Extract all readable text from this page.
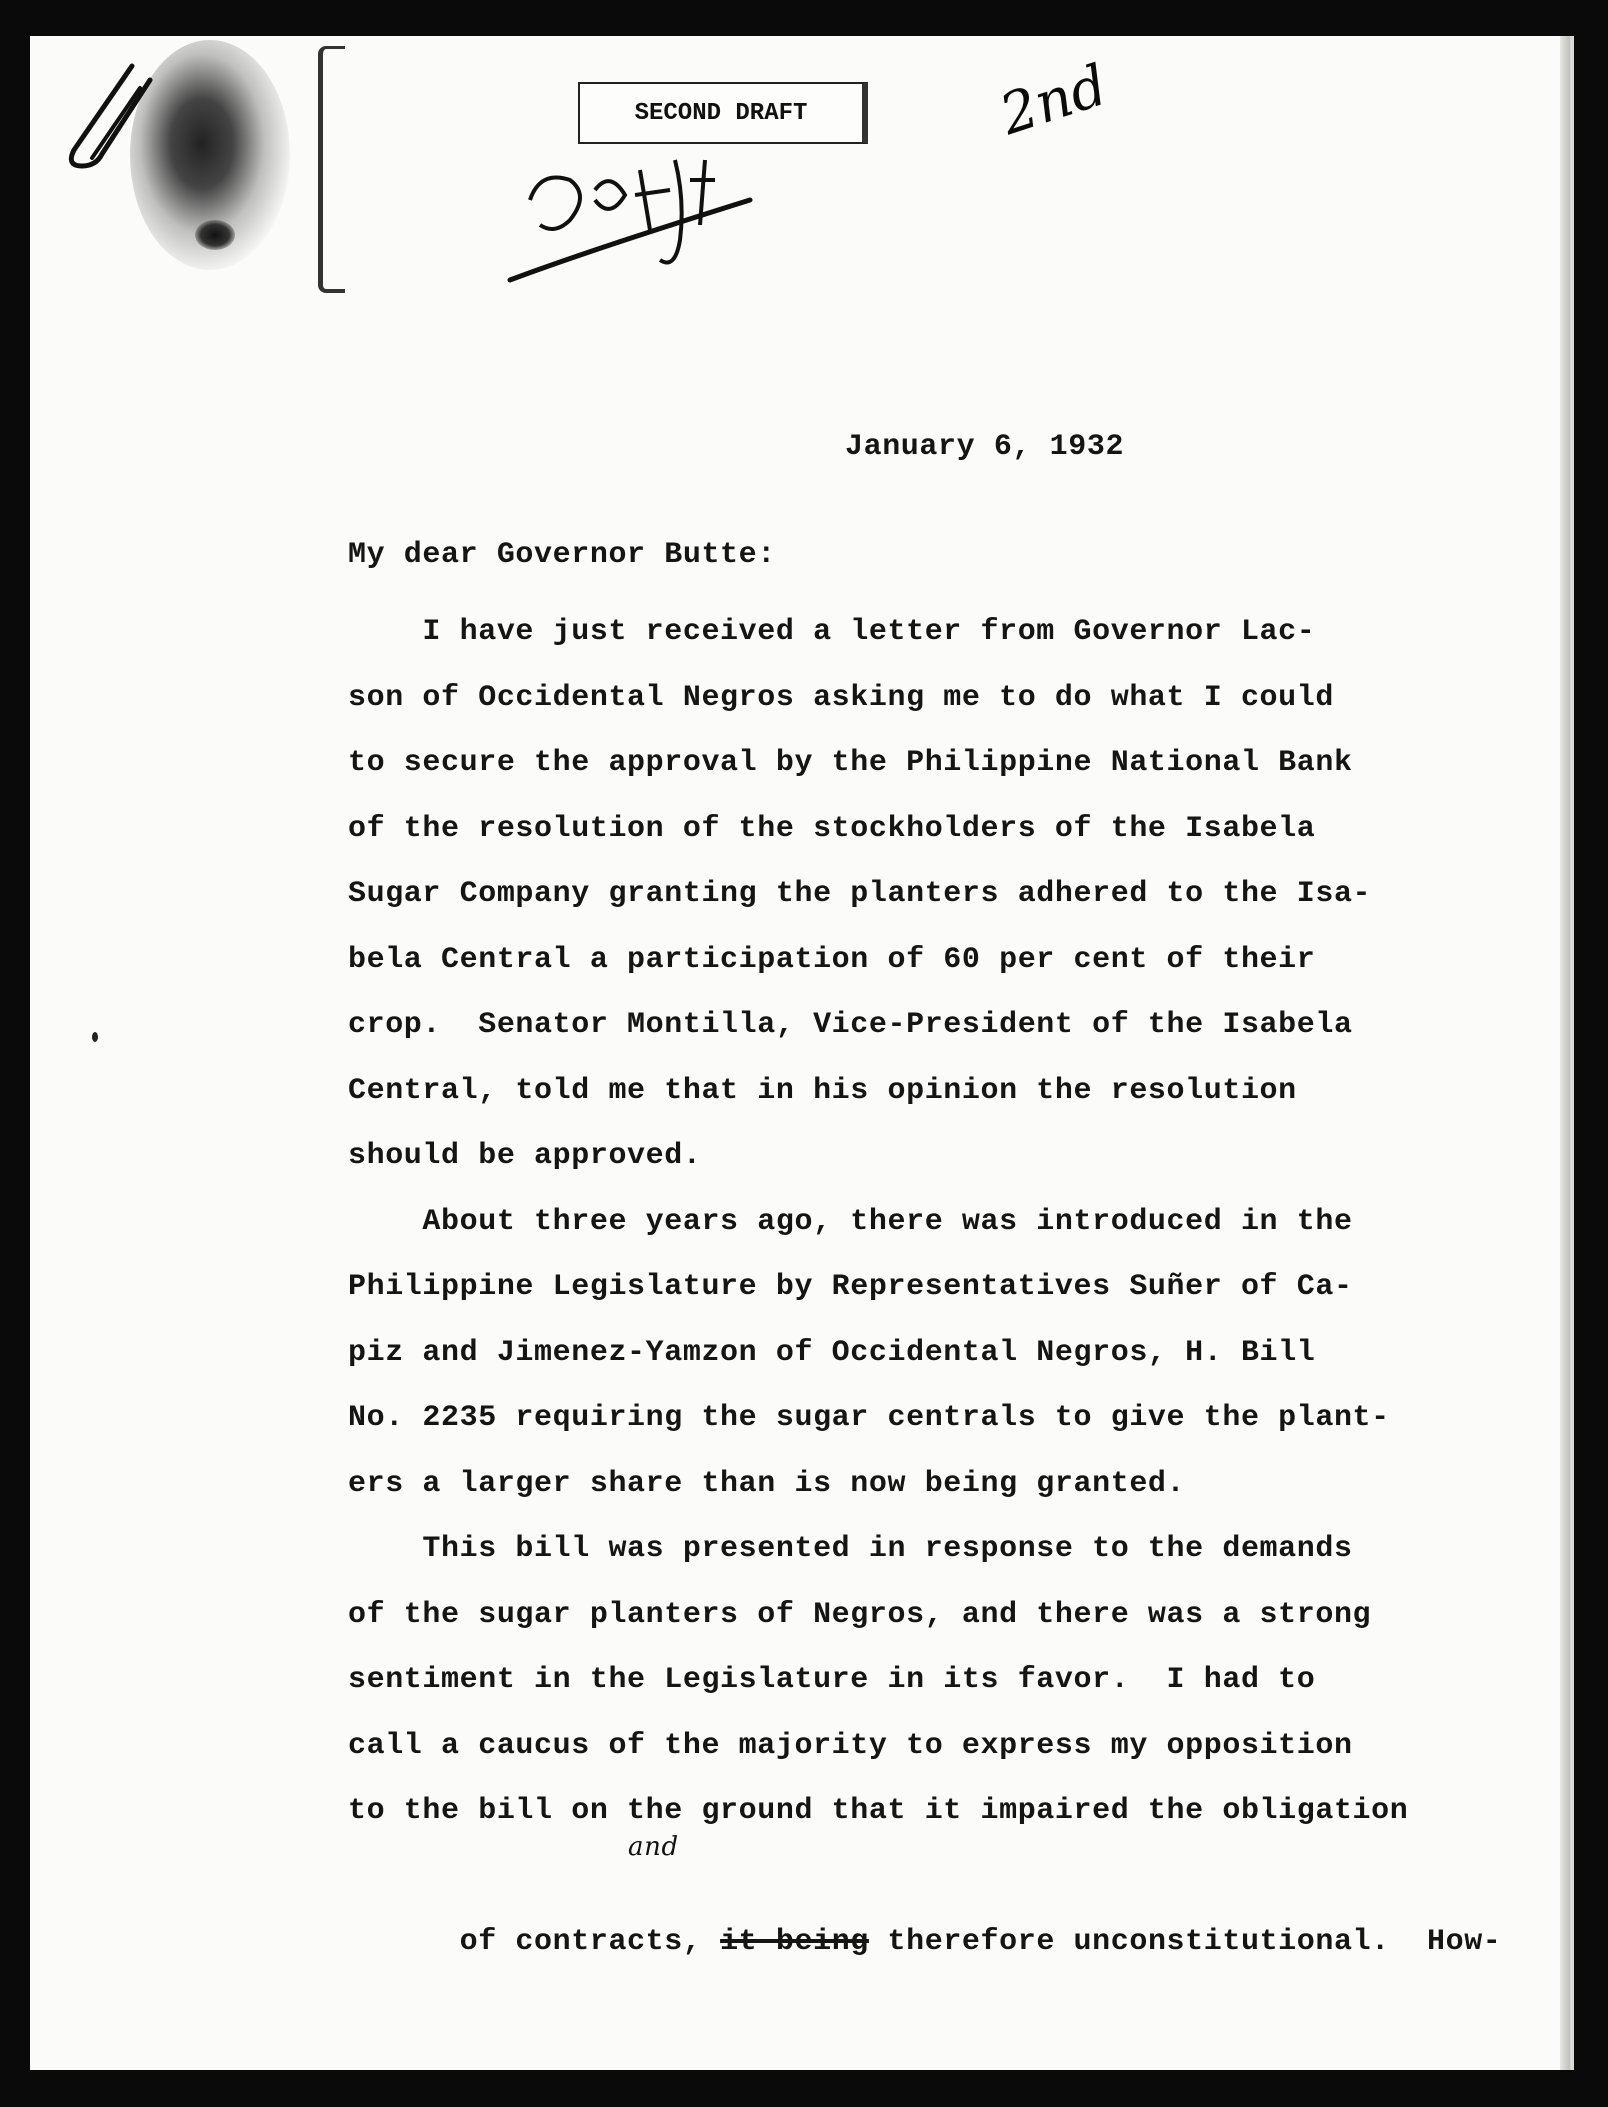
SECOND DRAFT	2nd
January 6, 1932
My dear Governor Butte:
I have just received a letter from Governor Lac-
son of Occidental Negros asking me to do what I could
to secure the approval by the Philippine National Bank
of the resolution of the stockholders of the Isabela
Sugar Company granting the planters adhered to the Isa-
bela Central a participation of 60 per cent of their
crop.  Senator Montilla, Vice-President of the Isabela
Central, told me that in his opinion the resolution
should be approved.
About three years ago, there was introduced in the
Philippine Legislature by Representatives Suñer of Ca-
piz and Jimenez-Yamzon of Occidental Negros, H. Bill
No. 2235 requiring the sugar centrals to give the plant-
ers a larger share than is now being granted.
This bill was presented in response to the demands
of the sugar planters of Negros, and there was a strong
sentiment in the Legislature in its favor.  I had to
call a caucus of the majority to express my opposition
to the bill on the ground that it impaired the obligation

of contracts, it being therefore unconstitutional.  How-

and
